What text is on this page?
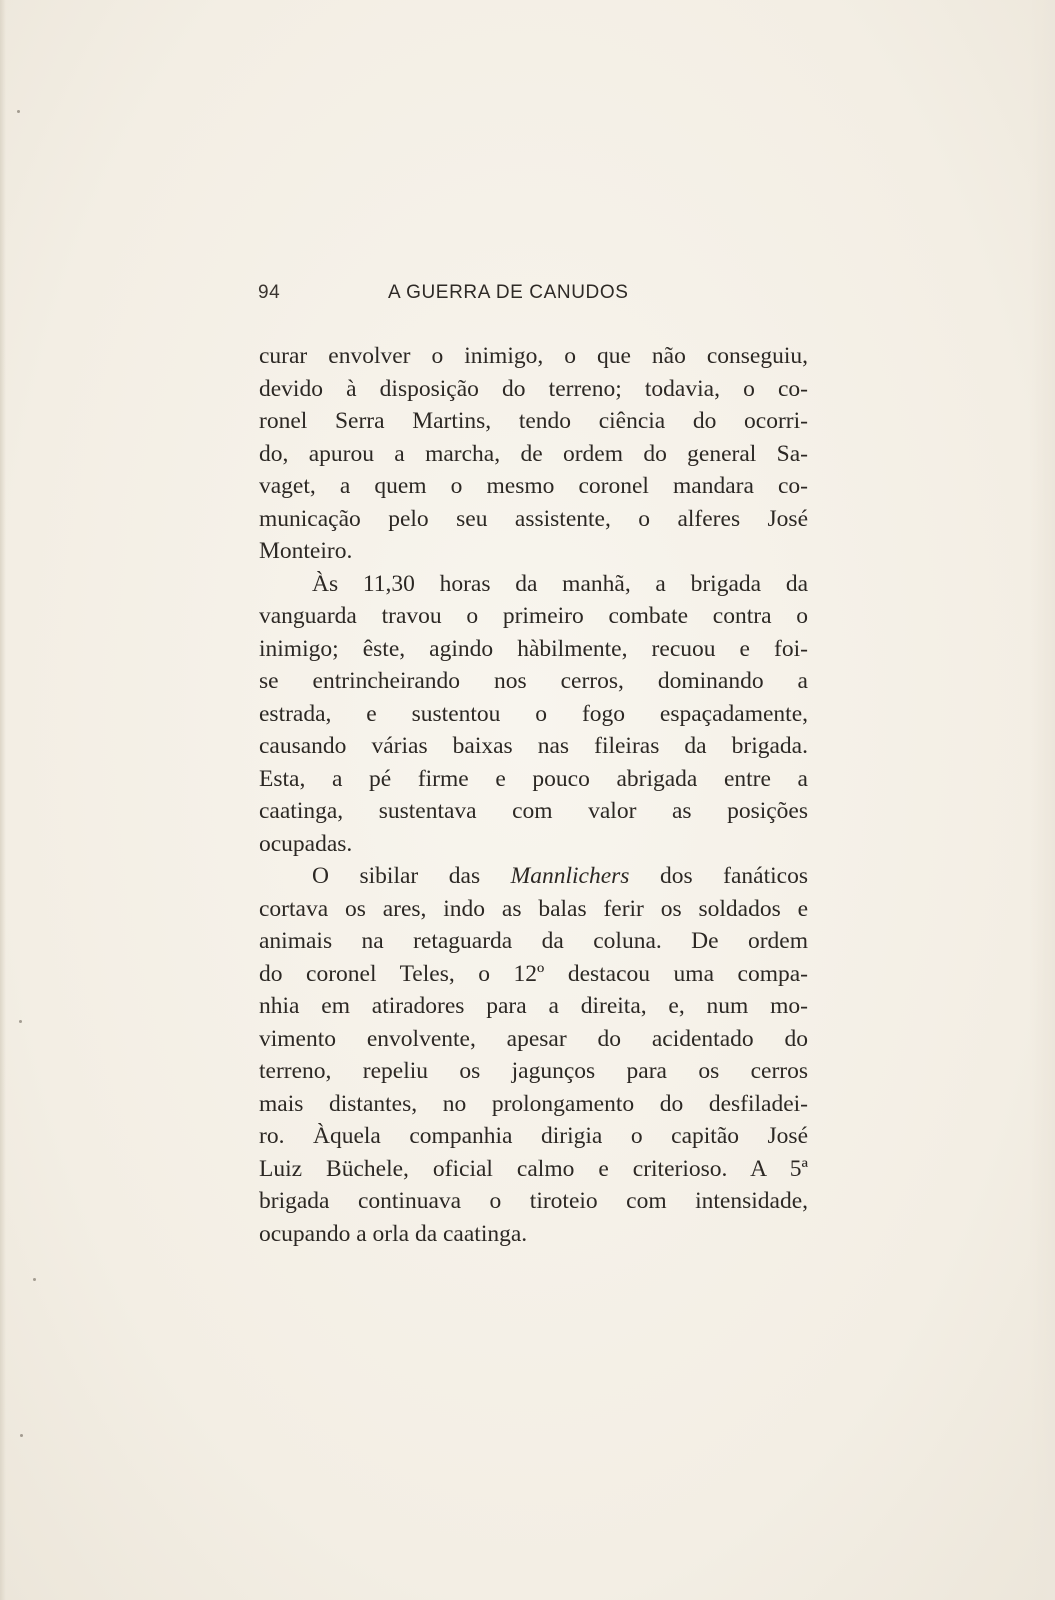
94	A GUERRA DE CANUDOS
curar envolver o inimigo, o que não conseguiu,
devido à disposição do terreno; todavia, o co-
ronel Serra Martins, tendo ciência do ocorri-
do, apurou a marcha, de ordem do general Sa-
vaget, a quem o mesmo coronel mandara co-
municação pelo seu assistente, o alferes José
Monteiro.
Às 11,30 horas da manhã, a brigada da
vanguarda travou o primeiro combate contra o
inimigo; êste, agindo hàbilmente, recuou e foi-
se entrincheirando nos cerros, dominando a
estrada, e sustentou o fogo espaçadamente,
causando várias baixas nas fileiras da brigada.
Esta, a pé firme e pouco abrigada entre a
caatinga, sustentava com valor as posições
ocupadas.
O sibilar das Mannlichers dos fanáticos
cortava os ares, indo as balas ferir os soldados e
animais na retaguarda da coluna. De ordem
do coronel Teles, o 12º destacou uma compa-
nhia em atiradores para a direita, e, num mo-
vimento envolvente, apesar do acidentado do
terreno, repeliu os jagunços para os cerros
mais distantes, no prolongamento do desfiladei-
ro. Àquela companhia dirigia o capitão José
Luiz Büchele, oficial calmo e criterioso. A 5ª
brigada continuava o tiroteio com intensidade,
ocupando a orla da caatinga.
